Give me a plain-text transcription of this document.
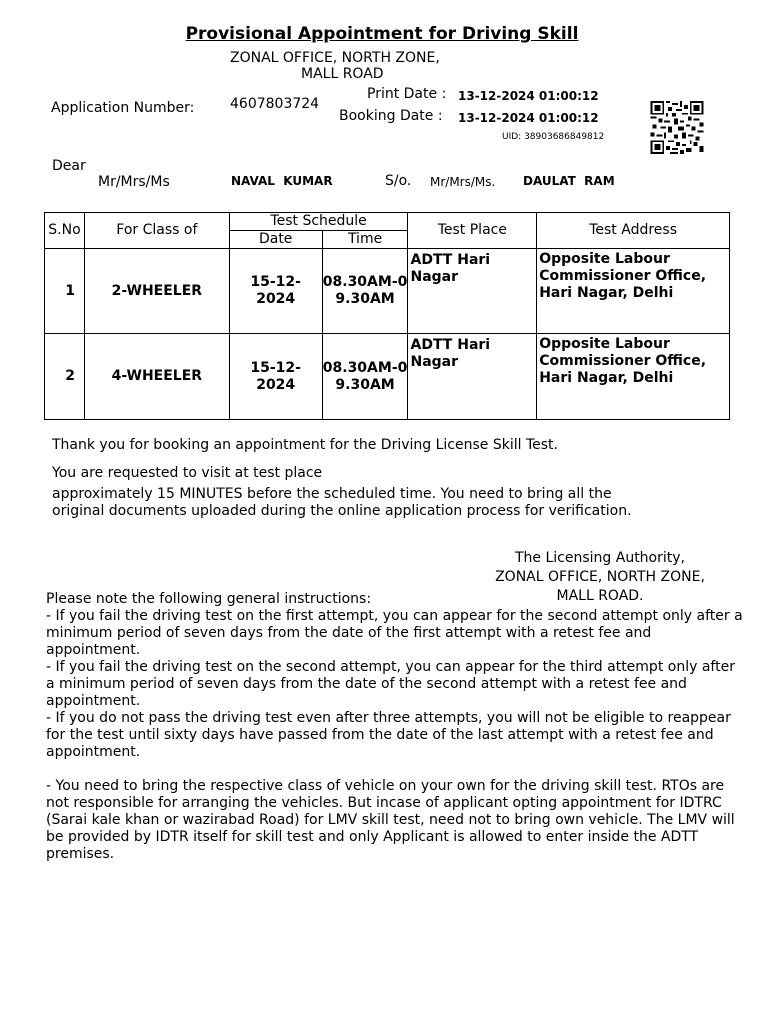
Provisional Appointment for Driving Skill
ZONAL OFFICE, NORTH ZONE,
MALL ROAD
Application Number:	4607803724
Print Date : 13-12-2024 01:00:12
Booking Date : 13-12-2024 01:00:12
UID: 38903686849812
Dear
Mr/Mrs/Ms	NAVAL  KUMAR	S/o. Mr/Mrs/Ms. DAULAT  RAM
S.No	For Class of	Test Schedule		Test Place	Test Address
		Date	Time		
1	2-WHEELER	15-12-2024	08.30AM-09.30AM	ADTT Hari Nagar	Opposite Labour Commissioner Office, Hari Nagar, Delhi
2	4-WHEELER	15-12-2024	08.30AM-09.30AM	ADTT Hari Nagar	Opposite Labour Commissioner Office, Hari Nagar, Delhi
Thank you for booking an appointment for the Driving License Skill Test.
You are requested to visit at test place
approximately 15 MINUTES before the scheduled time. You need to bring all the
original documents uploaded during the online application process for verification.
The Licensing Authority,
ZONAL OFFICE, NORTH ZONE,
MALL ROAD.

Please note the following general instructions:

- If you fail the driving test on the first attempt, you can appear for the second attempt only after a minimum period of seven days from the date of the first attempt with a retest fee and appointment.

- If you fail the driving test on the second attempt, you can appear for the third attempt only after a minimum period of seven days from the date of the second attempt with a retest fee and appointment.

- If you do not pass the driving test even after three attempts, you will not be eligible to reappear for the test until sixty days have passed from the date of the last attempt with a retest fee and appointment.

- You need to bring the respective class of vehicle on your own for the driving skill test. RTOs are not responsible for arranging the vehicles. But incase of applicant opting appointment for IDTRC (Sarai kale khan or wazirabad Road) for LMV skill test, need not to bring own vehicle. The LMV will be provided by IDTR itself for skill test and only Applicant is allowed to enter inside the ADTT premises.
